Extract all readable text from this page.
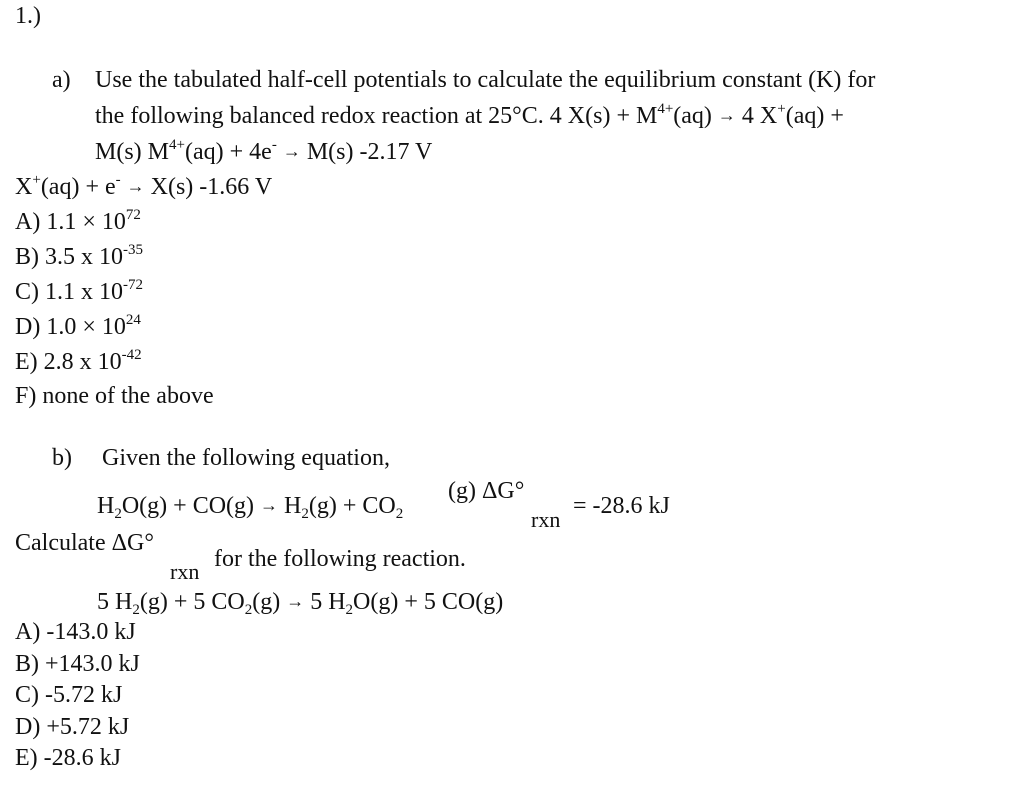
1.)
a) Use the tabulated half-cell potentials to calculate the equilibrium constant (K) for
the following balanced redox reaction at 25°C. 4 $X(s) + M^{4+}(aq) \to 4$ X+(aq) +
M(s) $M^{4+}(aq) + 4e^- \to M(s)$ -2.17 V
X+(aq) + e- → X(s) -1.66 V
A) $1.1 \times 10^{72}$
B) 3.5 x $10^{-35}$
C) 1.1 x $10^{-72}$
D) $1.0 \times 10^{24}$
E) 2.8 x $10^{-42}$
F) none of the above
b) Given the following equation,
$H_2O(g) + CO(g) \to H_2(g) + CO_2$
(g) ΔG°
rxn
= -28.6 kJ
Calculate ΔG°
rxn for the following reaction.
5 $H_2(g) + 5$ $CO_2(g) \to 5$ $H_2O(g) + 5$ CO(g)
A) -143.0 kJ
B) +143.0 kJ
C) -5.72 kJ
D) +5.72 kJ
E) -28.6 kJ
